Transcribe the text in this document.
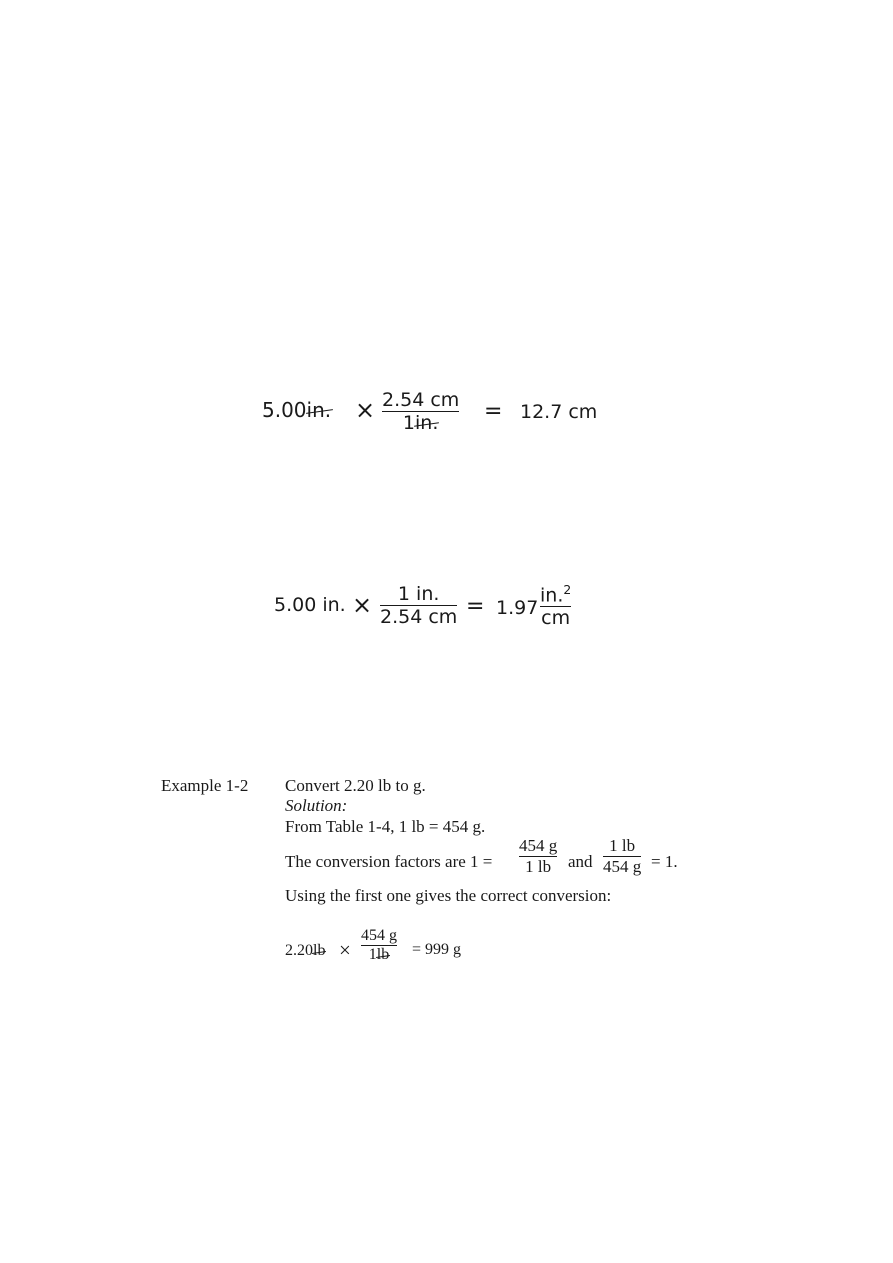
5.00in. × 2.54 cm
1in. = 12.7 cm
5.00 in. × 1 in.
2.54 cm = 1.97
in.$^2$
cm
Example 1-2 Convert 2.20 lb to g.
Solution:
From Table 1-4, 1 lb = 454 g.
The conversion factors are 1 =
454 g
1 lb and
1 lb
454 g = 1.
Using the first one gives the correct conversion:
2.20lb ×
454 g
1lb = 999 g
